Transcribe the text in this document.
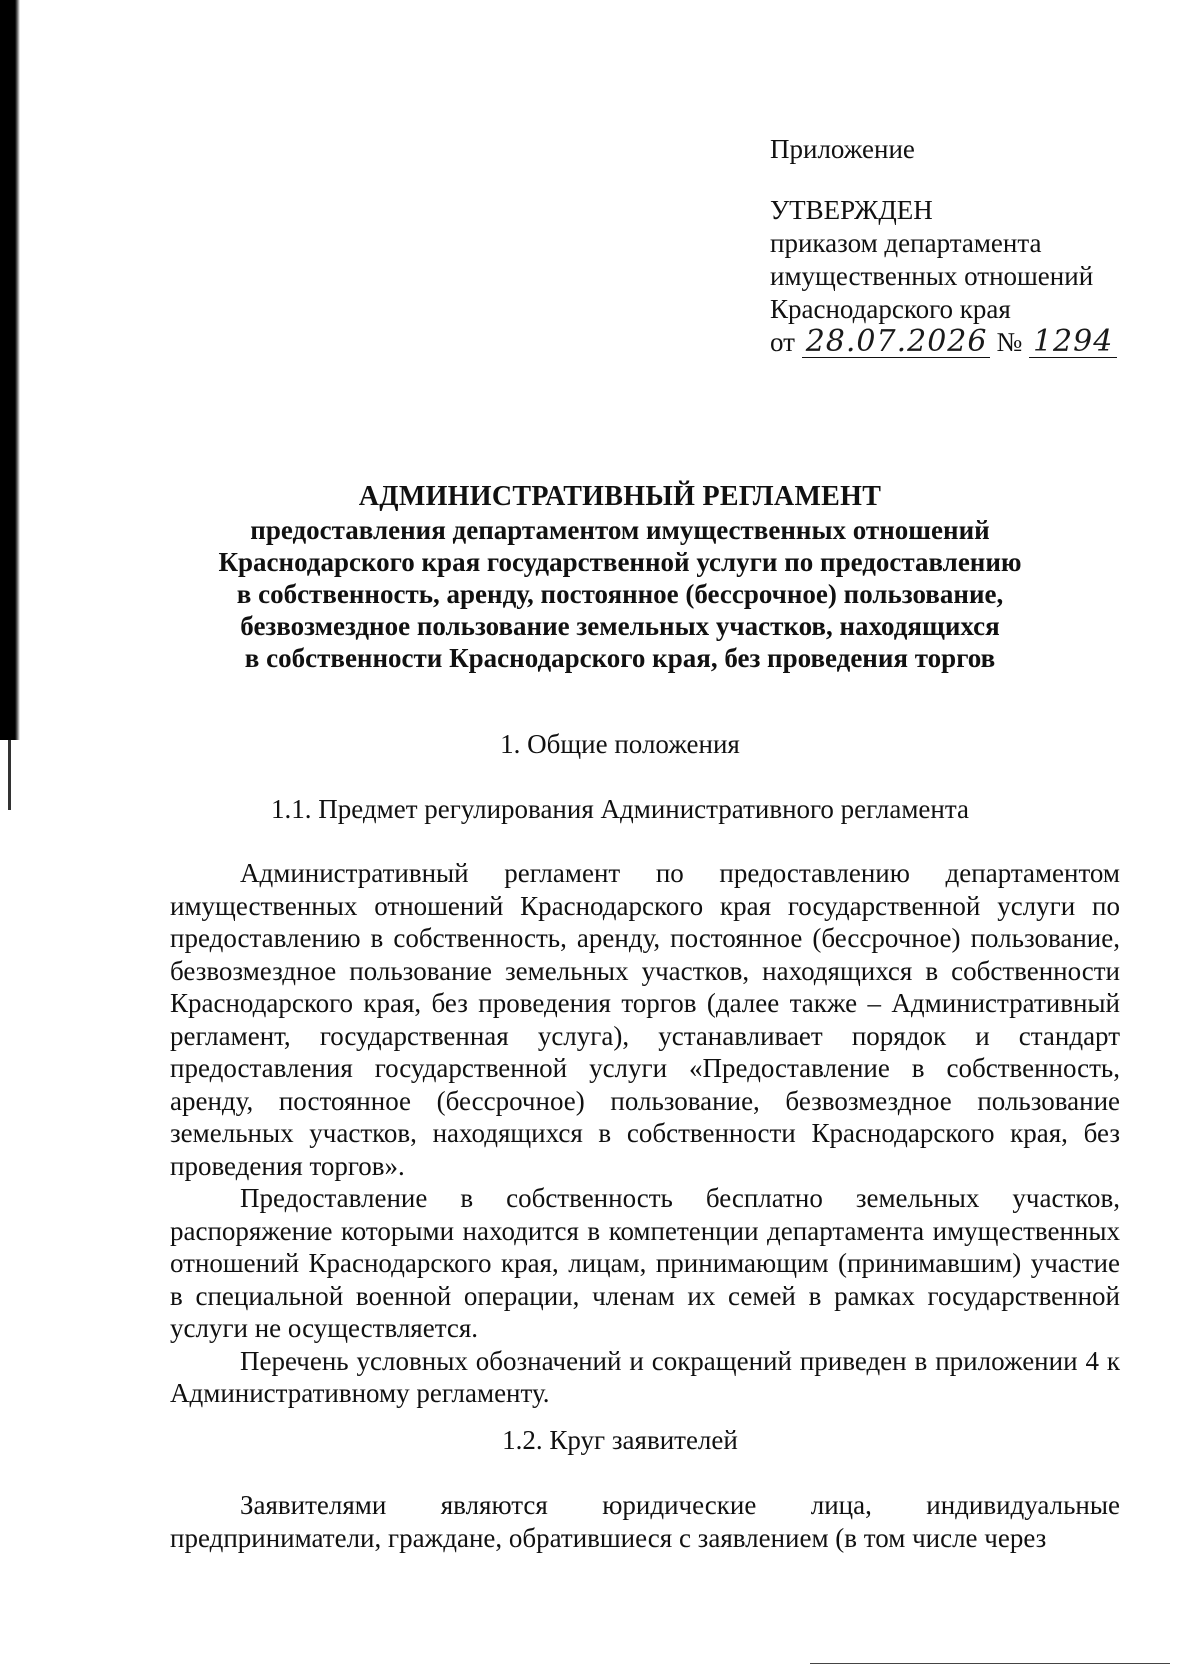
Приложение
УТВЕРЖДЕН
приказом департамента
имущественных отношений
Краснодарского края
от 28.07.2026 № 1294
АДМИНИСТРАТИВНЫЙ РЕГЛАМЕНТ
предоставления департаментом имущественных отношений
Краснодарского края государственной услуги по предоставлению
в собственность, аренду, постоянное (бессрочное) пользование,
безвозмездное пользование земельных участков, находящихся
в собственности Краснодарского края, без проведения торгов
1. Общие положения
1.1. Предмет регулирования Административного регламента

Административный регламент по предоставлению департаментом имущественных отношений Краснодарского края государственной услуги по предоставлению в собственность, аренду, постоянное (бессрочное) пользование, безвозмездное пользование земельных участков, находящихся в собственности Краснодарского края, без проведения торгов (далее также – Административный регламент, государственная услуга), устанавливает порядок и стандарт предоставления государственной услуги «Предоставление в собственность, аренду, постоянное (бессрочное) пользование, безвозмездное пользование земельных участков, находящихся в собственности Краснодарского края, без проведения торгов».

Предоставление в собственность бесплатно земельных участков, распоряжение которыми находится в компетенции департамента имущественных отношений Краснодарского края, лицам, принимающим (принимавшим) участие в специальной военной операции, членам их семей в рамках государственной услуги не осуществляется.

Перечень условных обозначений и сокращений приведен в приложении 4 к Административному регламенту.

1.2. Круг заявителей

Заявителями являются юридические лица, индивидуальные предприниматели, граждане, обратившиеся с заявлением (в том числе через
